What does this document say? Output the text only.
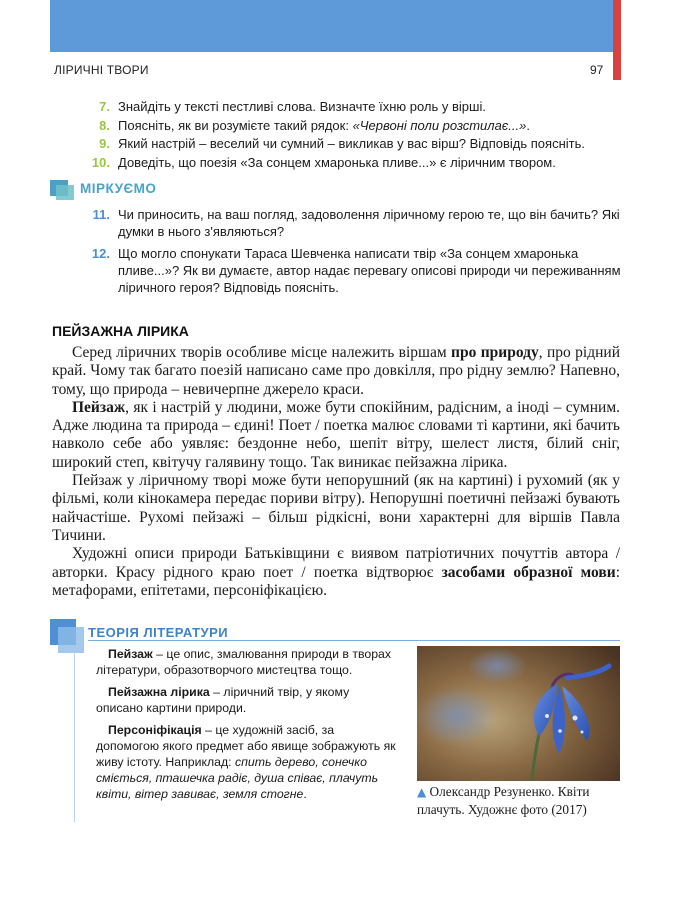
ЛІРИЧНІ ТВОРИ	97
7. Знайдіть у тексті пестливі слова. Визначте їхню роль у вірші.
8. Поясніть, як ви розумієте такий рядок: «Червоні поли розстилає...».
9. Який настрій – веселий чи сумний – викликав у вас вірш? Відповідь поясніть.
10. Доведіть, що поезія «За сонцем хмаронька пливе...» є ліричним твором.
МІРКУЄМО
11. Чи приносить, на ваш погляд, задоволення ліричному герою те, що він бачить? Які думки в нього з'являються?
12. Що могло спонукати Тараса Шевченка написати твір «За сонцем хмаронька пливе...»? Як ви думаєте, автор надає перевагу описові природи чи переживанням ліричного героя? Відповідь поясніть.
ПЕЙЗАЖНА ЛІРИКА

Серед ліричних творів особливе місце належить віршам про природу, про рідний край. Чому так багато поезій написано саме про довкілля, про рідну землю? Напевно, тому, що природа – невичерпне джерело краси.

Пейзаж, як і настрій у людини, може бути спокійним, радісним, а іноді – сумним. Адже людина та природа – єдині! Поет / поетка малює словами ті картини, які бачить навколо себе або уявляє: бездонне небо, шепіт вітру, шелест листя, білий сніг, широкий степ, квітучу галявину тощо. Так виникає пейзажна лірика.

Пейзаж у ліричному творі може бути непорушний (як на картині) і рухомий (як у фільмі, коли кінокамера передає пориви вітру). Непорушні поетичні пейзажі бувають найчастіше. Рухомі пейзажі – більш рідкісні, вони характерні для віршів Павла Тичини.

Художні описи природи Батьківщини є виявом патріотичних почуттів автора / авторки. Красу рідного краю поет / поетка відтворює засобами образної мови: метафорами, епітетами, персоніфікацією.

ТЕОРІЯ ЛІТЕРАТУРИ

Пейзаж – це опис, змалювання природи в творах літератури, образотворчого мистецтва тощо.

Пейзажна лірика – ліричний твір, у якому описано картини природи.

Персоніфікація – це художній засіб, за допомогою якого предмет або явище зображують як живу істоту. Наприклад: спить дерево, сонечко сміється, пташечка радіє, душа співає, плачуть квіти, вітер завиває, земля стогне.	▲ Олександр Резуненко. Квіти плачуть. Художнє фото (2017)
